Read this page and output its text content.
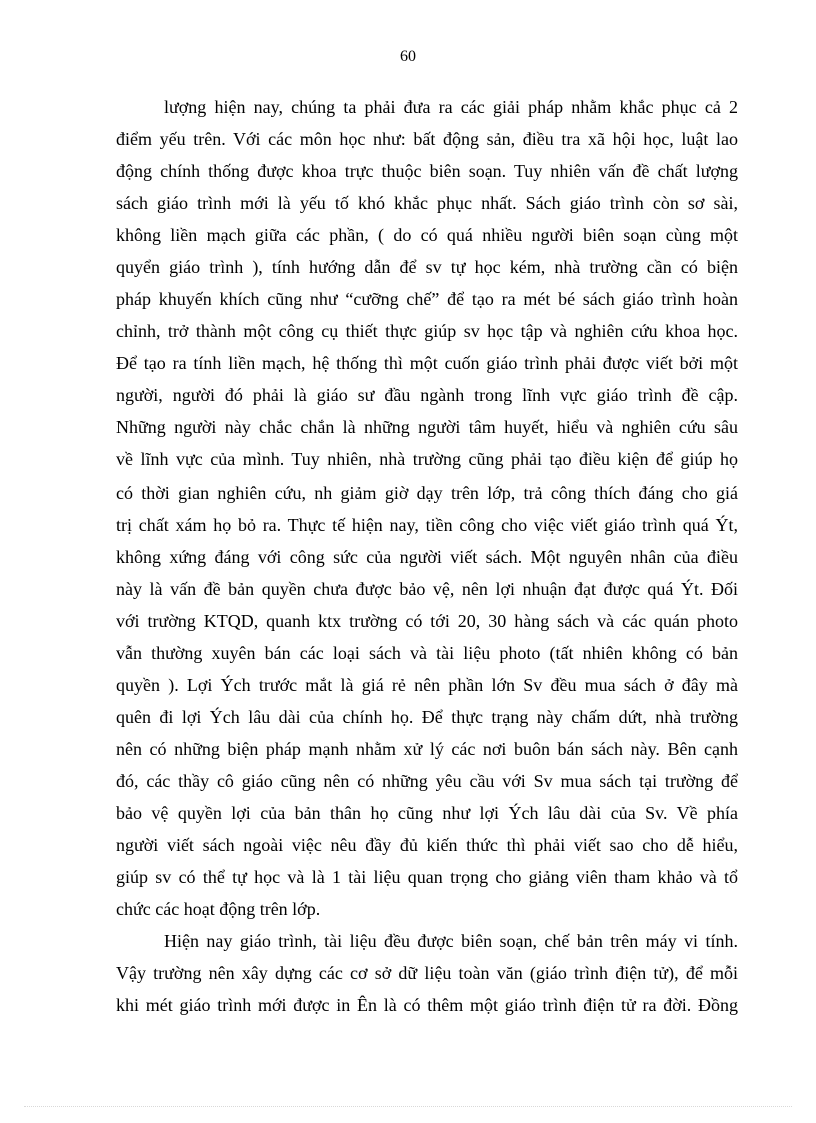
60
lượng hiện nay, chúng ta phải đưa ra các giải pháp nhằm khắc phục cả 2
điểm yếu trên. Với các môn học như: bất động sản, điều tra xã hội học, luật lao
động chính thống được khoa trực thuộc biên soạn. Tuy nhiên vấn đề chất lượng
sách giáo trình mới là yếu tố khó khắc phục nhất. Sách giáo trình còn sơ sài,
không liền mạch giữa các phần, ( do có quá nhiều người biên soạn cùng một
quyển giáo trình ), tính hướng dẫn để sv tự học kém, nhà trường cần có biện
pháp khuyến khích cũng như “cưỡng chế” để tạo ra mét bé sách giáo trình hoàn
chỉnh, trở thành một công cụ thiết thực giúp sv học tập và nghiên cứu khoa học.
Để tạo ra tính liền mạch, hệ thống thì một cuốn giáo trình phải được viết bởi một
người, người đó phải là giáo sư đầu ngành trong lĩnh vực giáo trình đề cập.
Những người này chắc chắn là những người tâm huyết, hiểu và nghiên cứu sâu
về lĩnh vực của mình. Tuy nhiên, nhà trường cũng phải tạo điều kiện để giúp họ
có thời gian nghiên cứu, nh giảm giờ dạy trên lớp, trả công thích đáng cho giá
trị chất xám họ bỏ ra. Thực tế hiện nay, tiền công cho việc viết giáo trình quá Ýt,
không xứng đáng với công sức của người viết sách. Một nguyên nhân của điều
này là vấn đề bản quyền chưa được bảo vệ, nên lợi nhuận đạt được quá Ýt. Đối
với trường KTQD, quanh ktx trường có tới 20, 30 hàng sách và các quán photo
vẫn thường xuyên bán các loại sách và tài liệu photo (tất nhiên không có bản
quyền ). Lợi Ých trước mắt là giá rẻ nên phần lớn Sv đều mua sách ở đây mà
quên đi lợi Ých lâu dài của chính họ. Để thực trạng này chấm dứt, nhà trường
nên có những biện pháp mạnh nhằm xử lý các nơi buôn bán sách này. Bên cạnh
đó, các thầy cô giáo cũng nên có những yêu cầu với Sv mua sách tại trường để
bảo vệ quyền lợi của bản thân họ cũng như lợi Ých lâu dài của Sv. Về phía
người viết sách ngoài việc nêu đầy đủ kiến thức thì phải viết sao cho dễ hiểu,
giúp sv có thể tự học và là 1 tài liệu quan trọng cho giảng viên tham khảo và tổ
chức các hoạt động trên lớp.
Hiện nay giáo trình, tài liệu đều được biên soạn, chế bản trên máy vi tính.
Vậy trường nên xây dựng các cơ sở dữ liệu toàn văn (giáo trình điện tử), để mỗi
khi mét giáo trình mới được in Ên là có thêm một giáo trình điện tử ra đời. Đồng
